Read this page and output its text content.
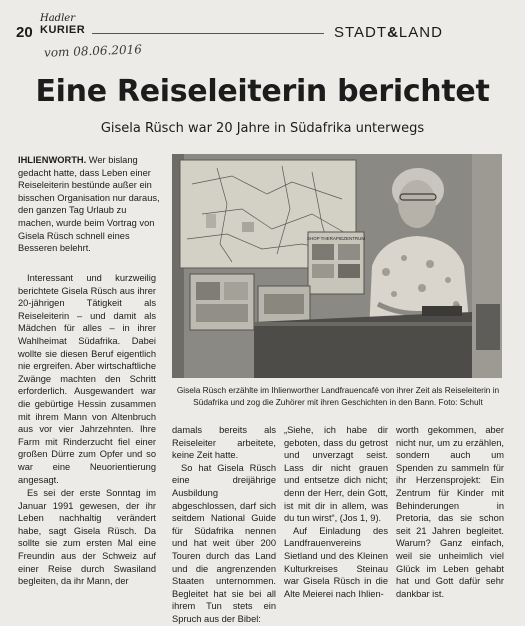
20
Hadler
KURIER	STADT&LAND
vom 08.06.2016
Eine Reiseleiterin berichtet
Gisela Rüsch war 20 Jahre in Südafrika unterwegs
IHLIENWORTH. Wer bislang gedacht hatte, dass Leben einer Reiseleiterin bestünde außer ein bisschen Organisation nur daraus, den ganzen Tag Urlaub zu machen, wurde beim Vortrag von Gisela Rüsch schnell eines Besseren belehrt.

Interessant und kurzweilig berichtete Gisela Rüsch aus ihrer 20-jährigen Tätigkeit als Reiseleiterin – und damit als Mädchen für alles – in ihrer Wahlheimat Südafrika. Dabei wollte sie diesen Beruf eigentlich nie ergreifen. Aber wirtschaftliche Zwänge machten den Schritt erforderlich. Ausgewandert war die gebürtige Hessin zusammen mit ihrem Mann von Altenbruch aus vor vier Jahrzehnten. Ihre Farm mit Rinderzucht fiel einer großen Dürre zum Opfer und so war eine Neuorientierung angesagt.

Es sei der erste Sonntag im Januar 1991 gewesen, der ihr Leben nachhaltig verändert habe, sagt Gisela Rüsch. Da sollte sie zum ersten Mal eine Freundin aus der Schweiz auf einer Reise durch Swasiland begleiten, da ihr Mann, der

SHOP THERAPIEZENTRUM
Gisela Rüsch erzählte im Ihlienworther Landfrauencafé von ihrer Zeit als Reiseleiterin in Südafrika und zog die Zuhörer mit ihren Geschichten in den Bann. Foto: Schult

damals bereits als Reiseleiter arbeitete, keine Zeit hatte.

So hat Gisela Rüsch eine dreijährige Ausbildung abgeschlossen, darf sich seitdem National Guide für Südafrika nennen und hat weit über 200 Touren durch das Land und die angrenzenden Staaten unternommen. Begleitet hat sie bei all ihrem Tun stets ein Spruch aus der Bibel:

„Siehe, ich habe dir geboten, dass du getrost und unverzagt seist. Lass dir nicht grauen und entsetze dich nicht; denn der Herr, dein Gott, ist mit dir in allem, was du tun wirst“, (Jos 1, 9).

Auf Einladung des Landfrauenvereins Sietland und des Kleinen Kulturkreises Steinau war Gisela Rüsch in die Alte Meierei nach Ihlien-

worth gekommen, aber nicht nur, um zu erzählen, sondern auch um Spenden zu sammeln für ihr Herzensprojekt: Ein Zentrum für Kinder mit Behinderungen in Pretoria, das sie schon seit 21 Jahren begleitet. Warum? Ganz einfach, weil sie unheimlich viel Glück im Leben gehabt hat und Gott dafür sehr dankbar ist.
